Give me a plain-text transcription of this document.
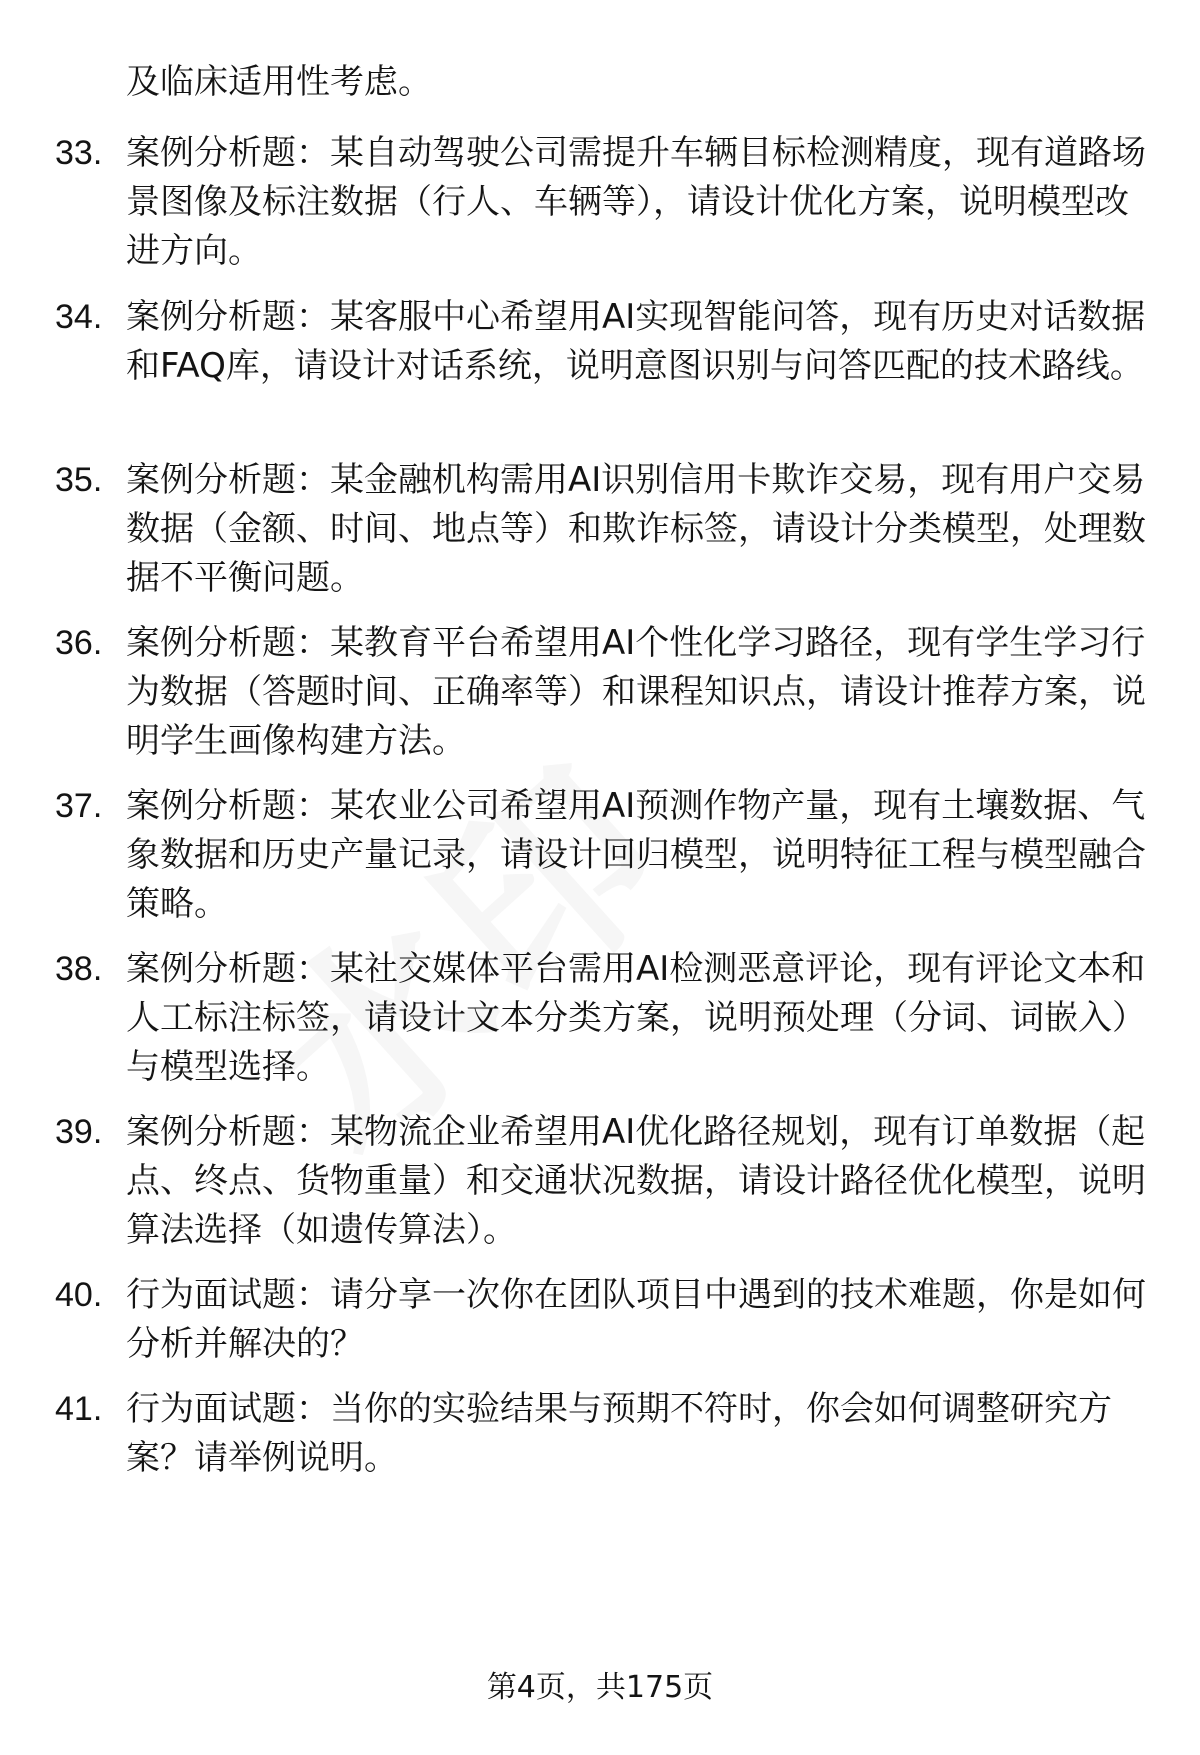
及临床适用性考虑。
33. 案例分析题：某自动驾驶公司需提升车辆目标检测精度，现有道路场景图像及标注数据（行人、车辆等），请设计优化方案，说明模型改进方向。
34. 案例分析题：某客服中心希望用AI实现智能问答，现有历史对话数据和FAQ库，请设计对话系统，说明意图识别与问答匹配的技术路线。
35. 案例分析题：某金融机构需用AI识别信用卡欺诈交易，现有用户交易数据（金额、时间、地点等）和欺诈标签，请设计分类模型，处理数据不平衡问题。
36. 案例分析题：某教育平台希望用AI个性化学习路径，现有学生学习行为数据（答题时间、正确率等）和课程知识点，请设计推荐方案，说明学生画像构建方法。
37. 案例分析题：某农业公司希望用AI预测作物产量，现有土壤数据、气象数据和历史产量记录，请设计回归模型，说明特征工程与模型融合策略。
38. 案例分析题：某社交媒体平台需用AI检测恶意评论，现有评论文本和人工标注标签，请设计文本分类方案，说明预处理（分词、词嵌入）与模型选择。
39. 案例分析题：某物流企业希望用AI优化路径规划，现有订单数据（起点、终点、货物重量）和交通状况数据，请设计路径优化模型，说明算法选择（如遗传算法）。
40. 行为面试题：请分享一次你在团队项目中遇到的技术难题，你是如何分析并解决的？
41. 行为面试题：当你的实验结果与预期不符时，你会如何调整研究方案？请举例说明。
第4页，共175页
